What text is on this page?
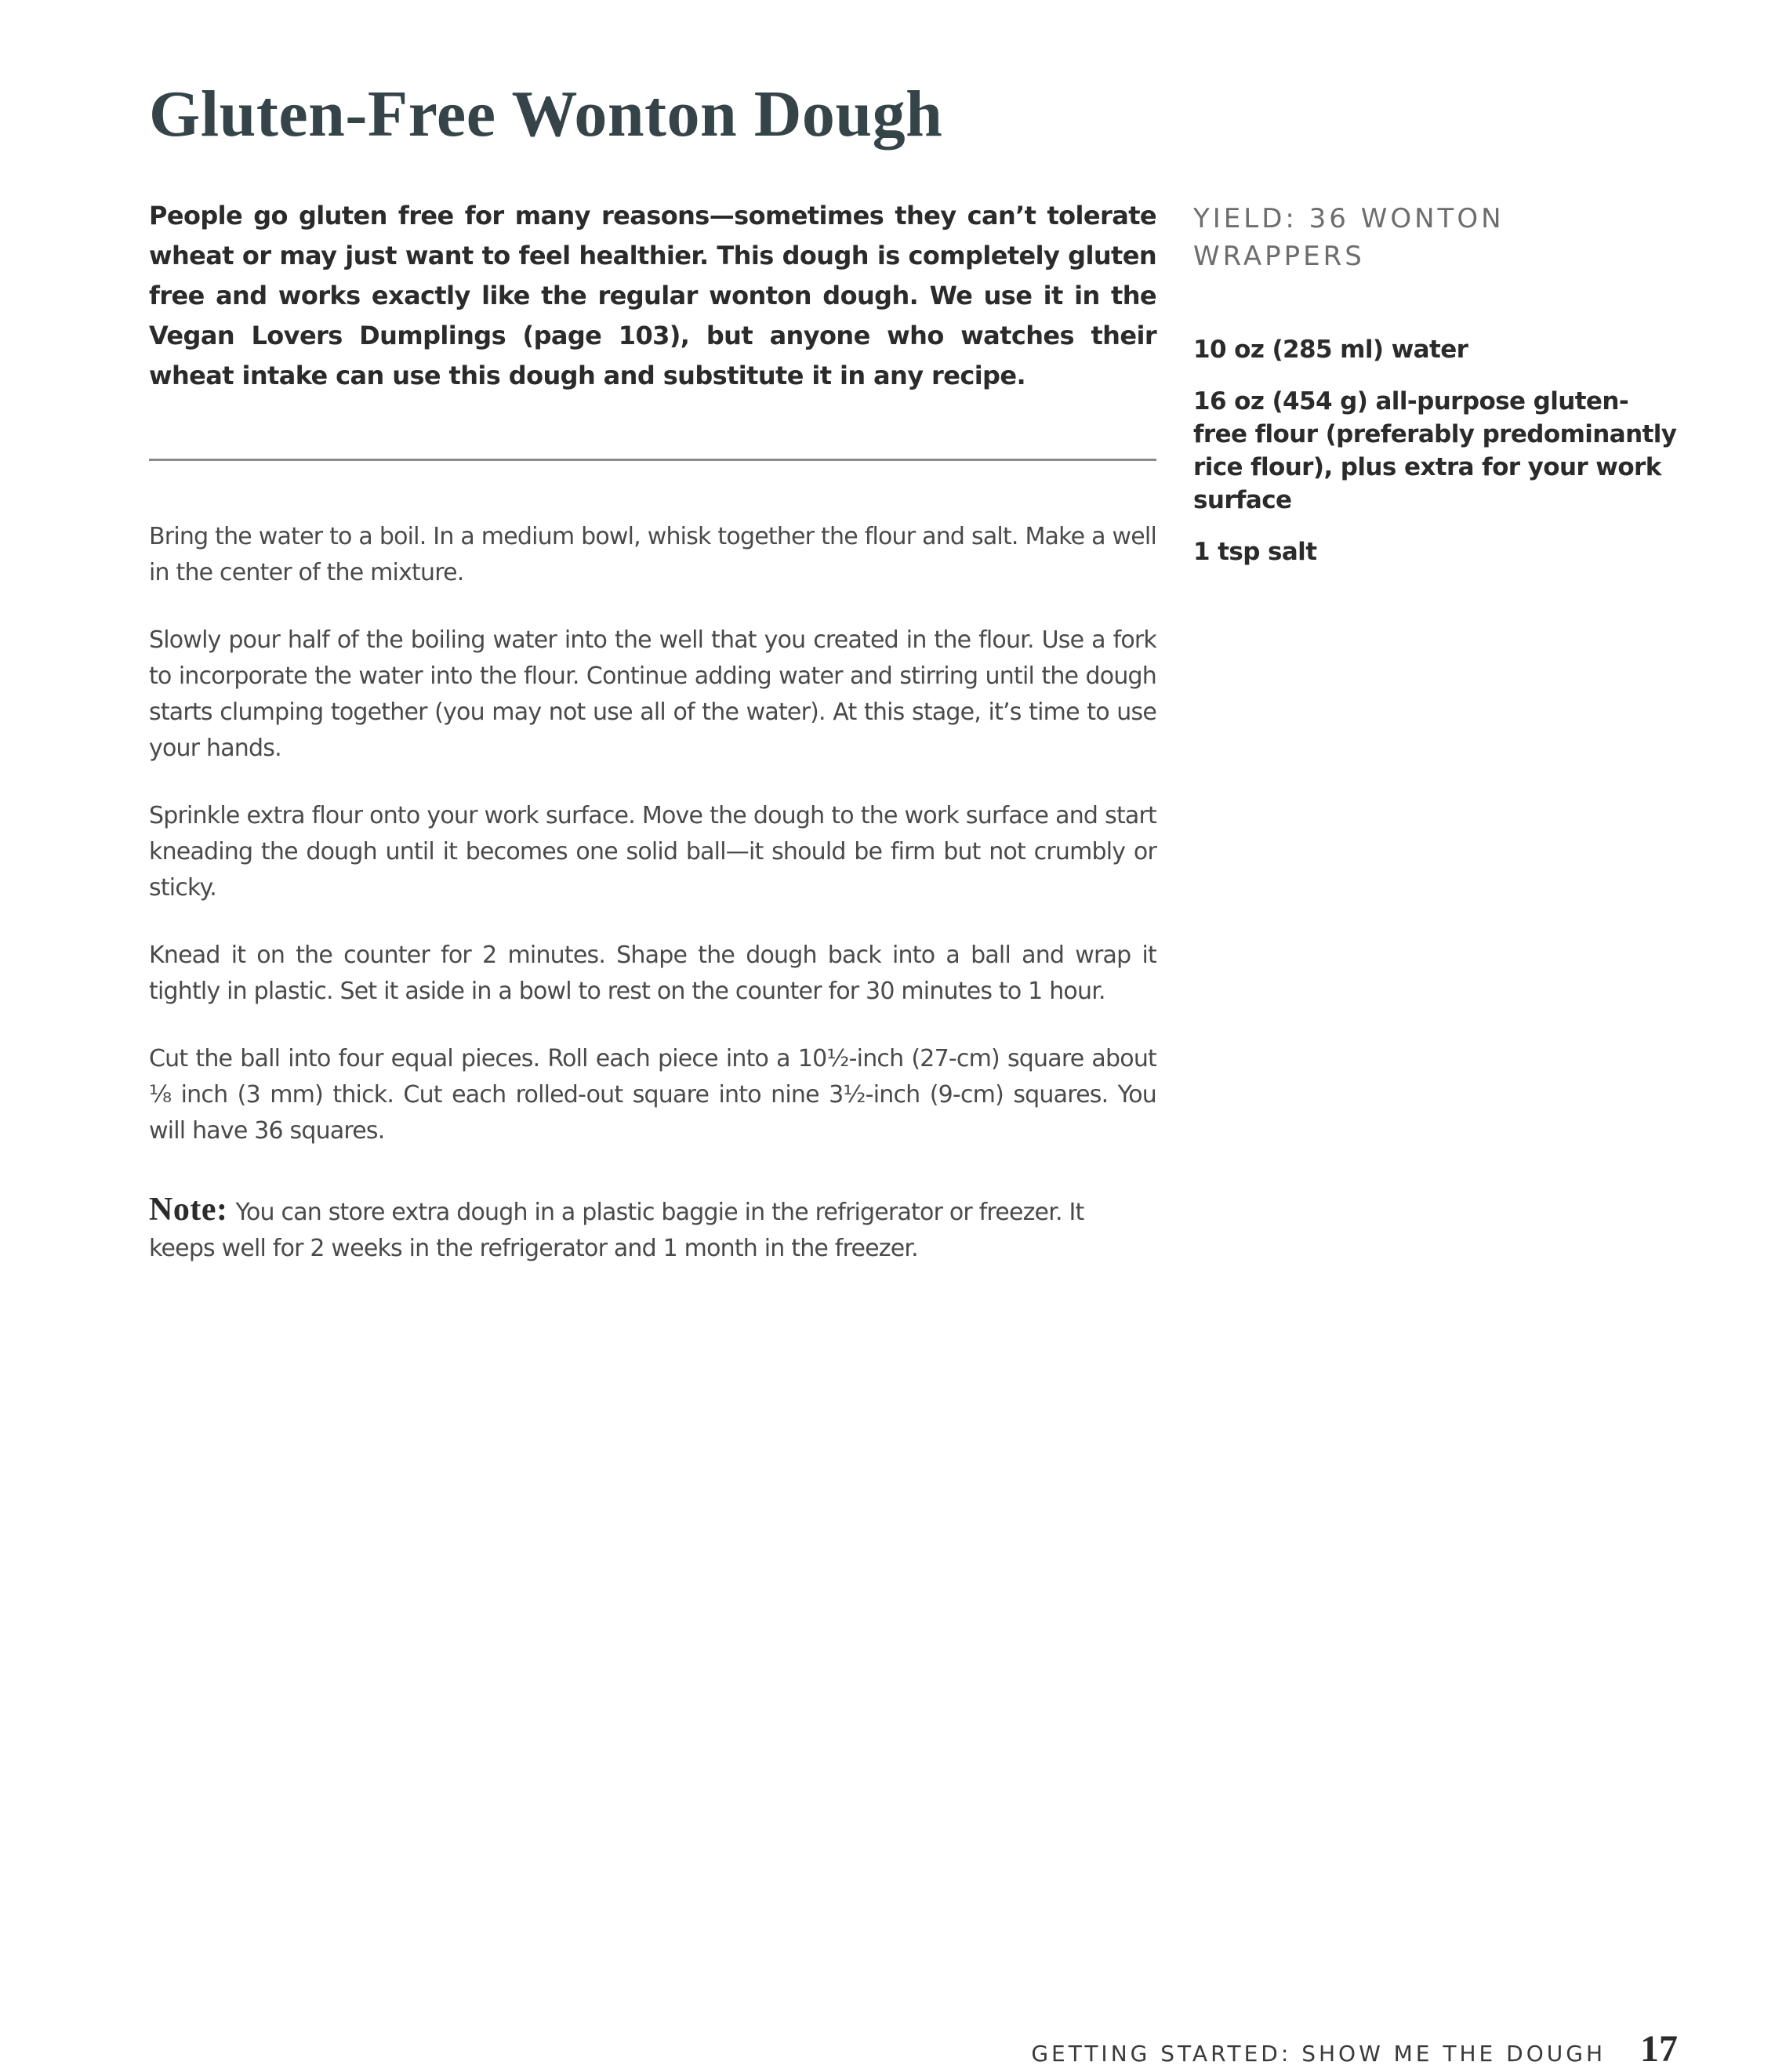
Gluten-Free Wonton Dough

People go gluten free for many reasons—sometimes they can’t tolerate wheat or may just want to feel healthier. This dough is completely gluten free and works exactly like the regular wonton dough. We use it in the Vegan Lovers Dumplings (page 103), but anyone who watches their wheat intake can use this dough and substitute it in any recipe.

Bring the water to a boil. In a medium bowl, whisk together the flour and salt. Make a well in the center of the mixture.

Slowly pour half of the boiling water into the well that you created in the flour. Use a fork to incorporate the water into the flour. Continue adding water and stirring until the dough starts clumping together (you may not use all of the water). At this stage, it’s time to use your hands.

Sprinkle extra flour onto your work surface. Move the dough to the work surface and start kneading the dough until it becomes one solid ball—it should be firm but not crumbly or sticky.

Knead it on the counter for 2 minutes. Shape the dough back into a ball and wrap it tightly in plastic. Set it aside in a bowl to rest on the counter for 30 minutes to 1 hour.

Cut the ball into four equal pieces. Roll each piece into a 10½-inch (27-cm) square about ⅛ inch (3 mm) thick. Cut each rolled-out square into nine 3½-inch (9-cm) squares. You will have 36 squares.

Note: You can store extra dough in a plastic baggie in the refrigerator or freezer. It keeps well for 2 weeks in the refrigerator and 1 month in the freezer.

YIELD: 36 WONTON WRAPPERS

10 oz (285 ml) water

16 oz (454 g) all-purpose gluten-free flour (preferably predominantly rice flour), plus extra for your work surface

1 tsp salt

GETTING STARTED: SHOW ME THE DOUGH 17
